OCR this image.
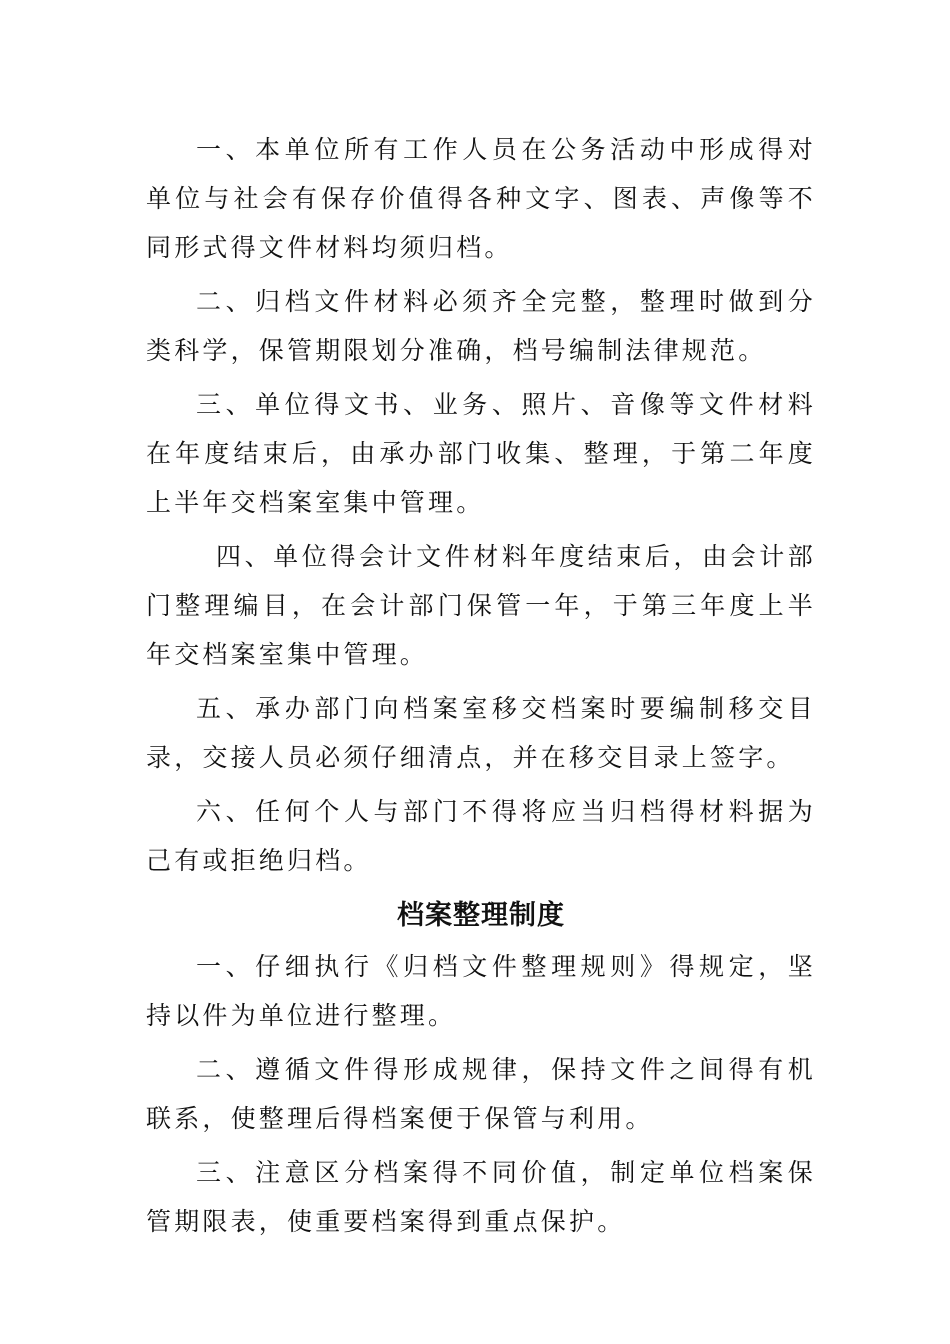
一、本单位所有工作人员在公务活动中形成得对单位与社会有保存价值得各种文字、图表、声像等不同形式得文件材料均须归档。

二、归档文件材料必须齐全完整，整理时做到分类科学，保管期限划分准确，档号编制法律规范。

三、单位得文书、业务、照片、音像等文件材料在年度结束后，由承办部门收集、整理，于第二年度上半年交档案室集中管理。

四、单位得会计文件材料年度结束后，由会计部门整理编目，在会计部门保管一年，于第三年度上半年交档案室集中管理。

五、承办部门向档案室移交档案时要编制移交目录，交接人员必须仔细清点，并在移交目录上签字。

六、任何个人与部门不得将应当归档得材料据为己有或拒绝归档。

档案整理制度

一、仔细执行《归档文件整理规则》得规定，坚持以件为单位进行整理。

二、遵循文件得形成规律，保持文件之间得有机联系，使整理后得档案便于保管与利用。

三、注意区分档案得不同价值，制定单位档案保管期限表，使重要档案得到重点保护。
